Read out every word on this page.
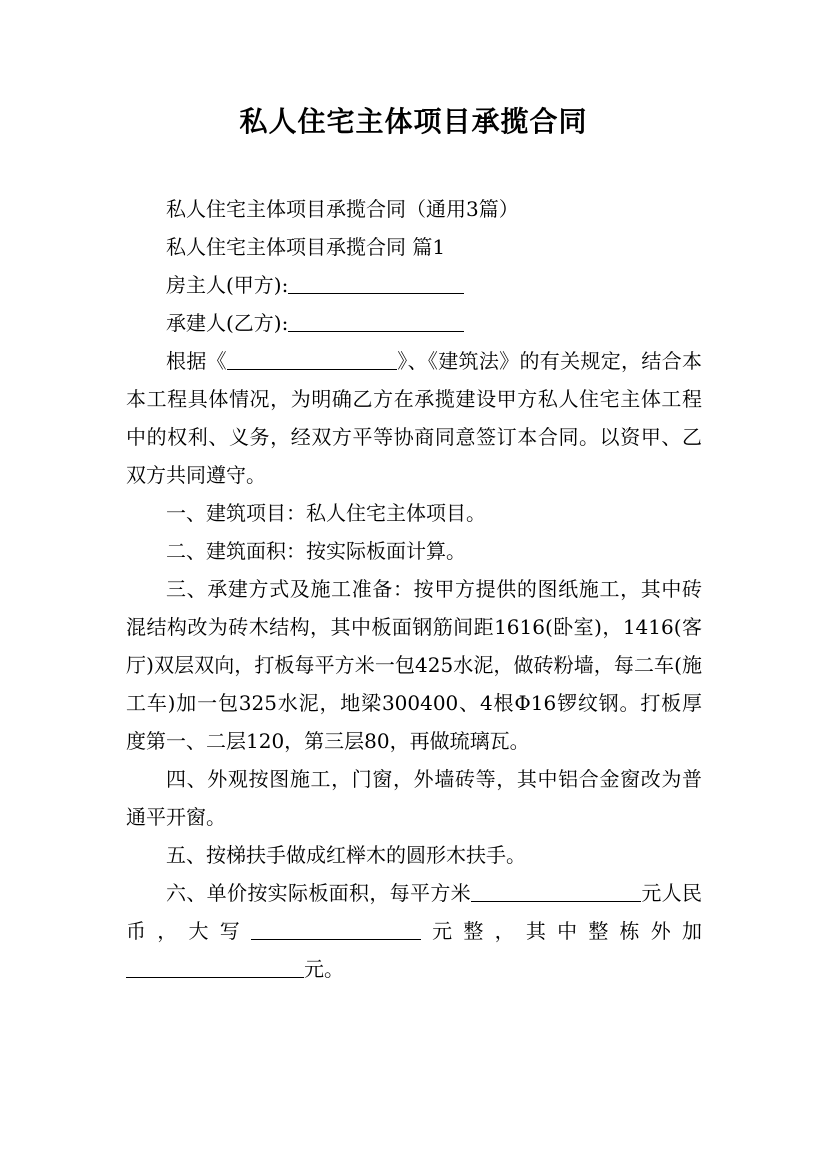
私人住宅主体项目承揽合同

私人住宅主体项目承揽合同（通用3篇）

私人住宅主体项目承揽合同 篇1

房主人(甲方):

承建人(乙方):

根据《	》、《建筑法》的有关规定，结合本本工程具体情况，为明确乙方在承揽建设甲方私人住宅主体工程中的权利、义务，经双方平等协商同意签订本合同。以资甲、乙双方共同遵守。

一、建筑项目：私人住宅主体项目。

二、建筑面积：按实际板面计算。

三、承建方式及施工准备：按甲方提供的图纸施工，其中砖混结构改为砖木结构，其中板面钢筋间距1616(卧室)，1416(客厅)双层双向，打板每平方米一包425水泥，做砖粉墙，每二车(施工车)加一包325水泥，地梁300400、4根Φ16锣纹钢。打板厚度第一、二层120，第三层80，再做琉璃瓦。

四、外观按图施工，门窗，外墙砖等，其中铝合金窗改为普通平开窗。

五、按梯扶手做成红榉木的圆形木扶手。

六、单价按实际板面积，每平方米	元人民币，大写	元整，其中整栋外加元。
